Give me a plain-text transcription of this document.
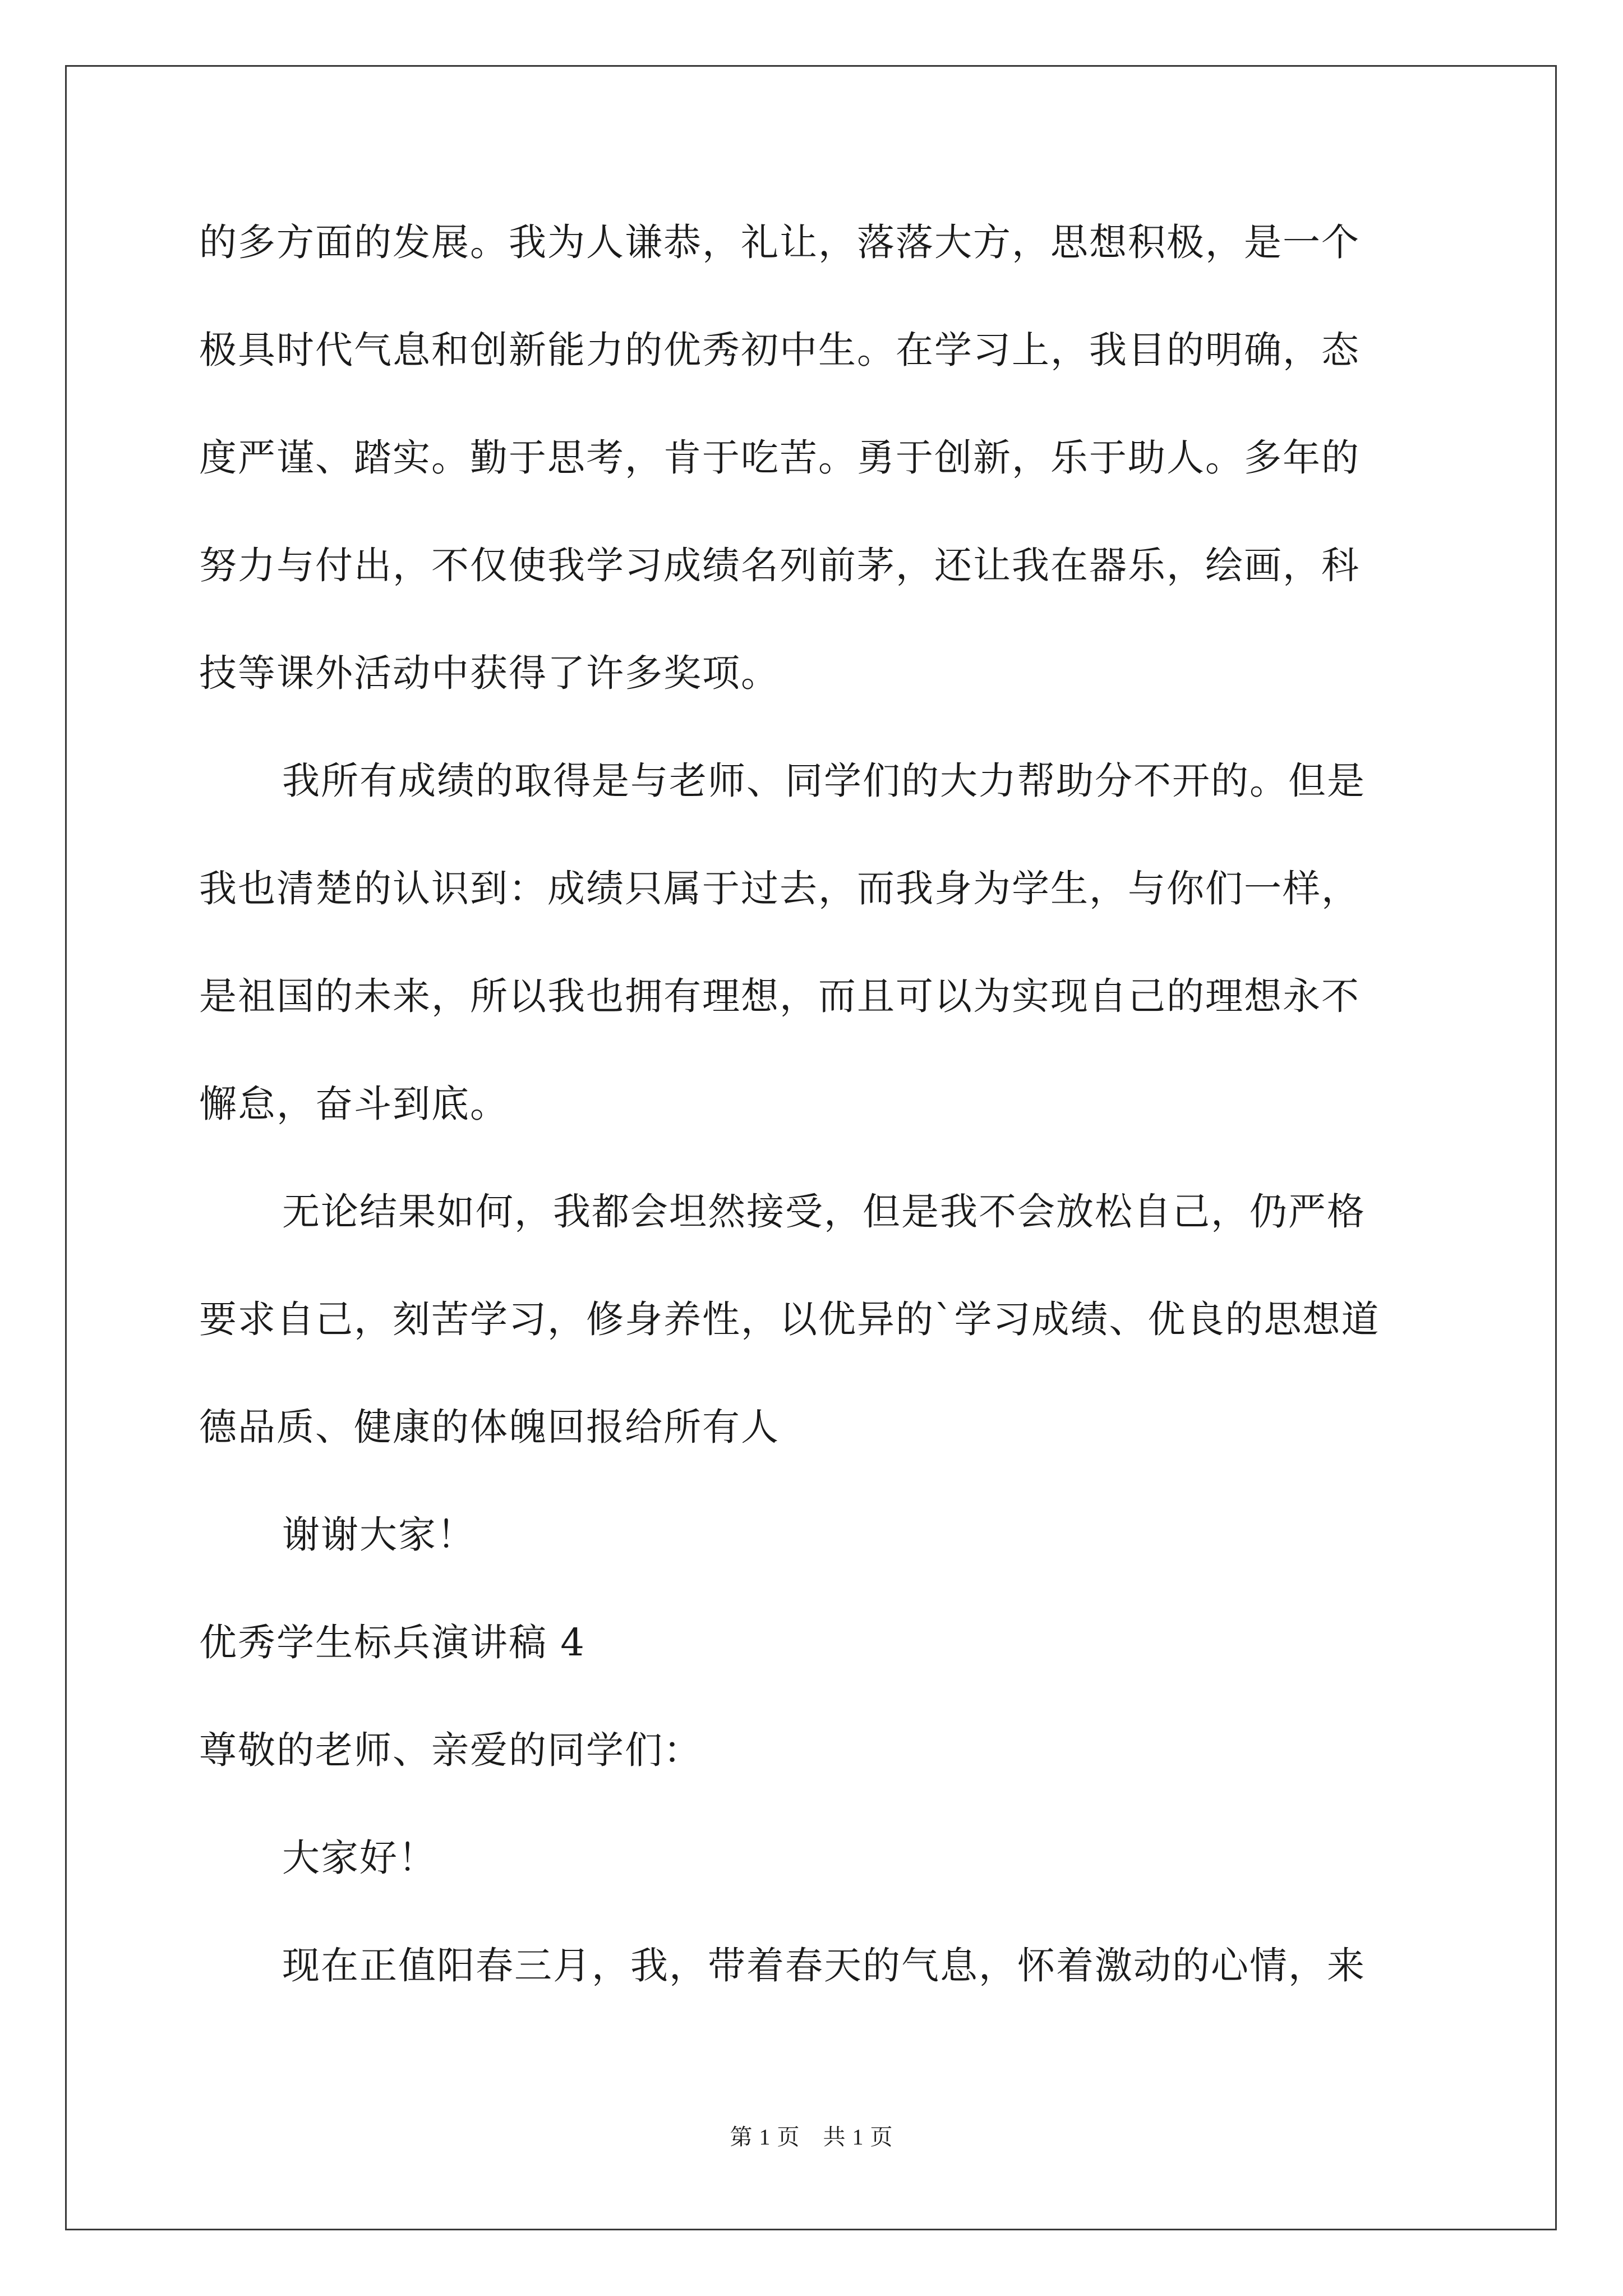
的多方面的发展。我为人谦恭，礼让，落落大方，思想积极，是一个
极具时代气息和创新能力的优秀初中生。在学习上，我目的明确，态
度严谨、踏实。勤于思考，肯于吃苦。勇于创新，乐于助人。多年的
努力与付出，不仅使我学习成绩名列前茅，还让我在器乐，绘画，科
技等课外活动中获得了许多奖项。
我所有成绩的取得是与老师、同学们的大力帮助分不开的。但是
我也清楚的认识到：成绩只属于过去，而我身为学生，与你们一样，
是祖国的未来，所以我也拥有理想，而且可以为实现自己的理想永不
懈怠，奋斗到底。
无论结果如何，我都会坦然接受，但是我不会放松自己，仍严格
要求自己，刻苦学习，修身养性，以优异的`学习成绩、优良的思想道
德品质、健康的体魄回报给所有人
谢谢大家！
优秀学生标兵演讲稿 4
尊敬的老师、亲爱的同学们：
大家好！
现在正值阳春三月，我，带着春天的气息，怀着激动的心情，来
第 1 页　共 1 页
